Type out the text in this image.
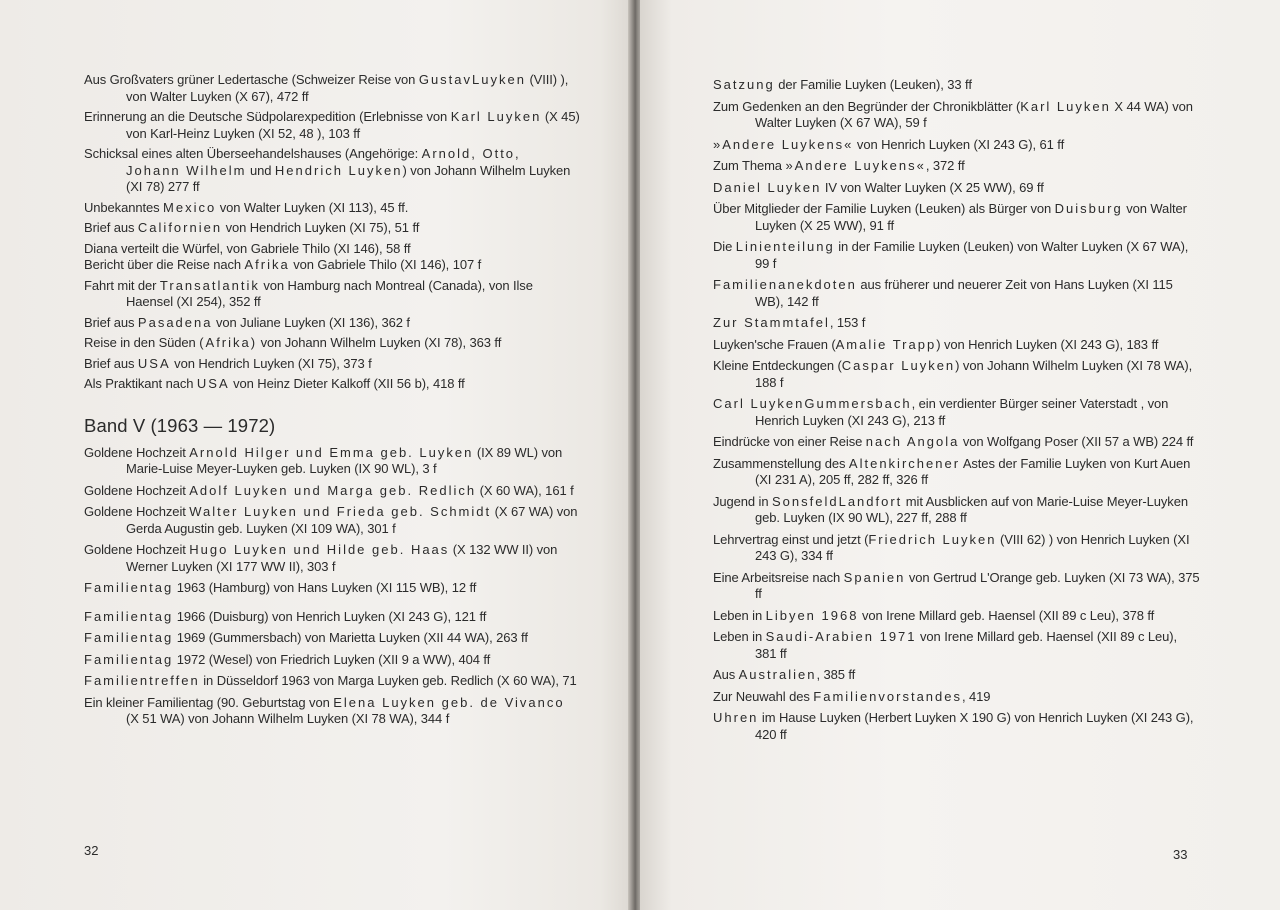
Aus Großvaters grüner Ledertasche (Schweizer Reise von GustavLuyken (VIII) ), von Walter Luyken (X 67), 472 ff
Erinnerung an die Deutsche Südpolarexpedition (Erlebnisse von Karl Luyken (X 45) von Karl-Heinz Luyken (XI 52, 48 ), 103 ff
Schicksal eines alten Überseehandelshauses (Angehörige: Arnold, Otto, Johann Wilhelm und Hendrich Luyken) von Johann Wilhelm Luyken (XI 78) 277 ff
Unbekanntes Mexico von Walter Luyken (XI 113), 45 ff.
Brief aus Californien von Hendrich Luyken (XI 75), 51 ff
Diana verteilt die Würfel, von Gabriele Thilo (XI 146), 58 ff
Bericht über die Reise nach Afrika von Gabriele Thilo (XI 146), 107 f
Fahrt mit der Transatlantik von Hamburg nach Montreal (Canada), von Ilse Haensel (XI 254), 352 ff
Brief aus Pasadena von Juliane Luyken (XI 136), 362 f
Reise in den Süden (Afrika) von Johann Wilhelm Luyken (XI 78), 363 ff
Brief aus USA von Hendrich Luyken (XI 75), 373 f
Als Praktikant nach USA von Heinz Dieter Kalkoff (XII 56 b), 418 ff
Band V (1963 — 1972)
Goldene Hochzeit Arnold Hilger und Emma geb. Luyken (IX 89 WL) von Marie-Luise Meyer-Luyken geb. Luyken (IX 90 WL), 3 f
Goldene Hochzeit Adolf Luyken und Marga geb. Redlich (X 60 WA), 161 f
Goldene Hochzeit Walter Luyken und Frieda geb. Schmidt (X 67 WA) von Gerda Augustin geb. Luyken (XI 109 WA), 301 f
Goldene Hochzeit Hugo Luyken und Hilde geb. Haas (X 132 WW II) von Werner Luyken (XI 177 WW II), 303 f
Familientag 1963 (Hamburg) von Hans Luyken (XI 115 WB), 12 ff
Familientag 1966 (Duisburg) von Henrich Luyken (XI 243 G), 121 ff
Familientag 1969 (Gummersbach) von Marietta Luyken (XII 44 WA), 263 ff
Familientag 1972 (Wesel) von Friedrich Luyken (XII 9 a WW), 404 ff
Familientreffen in Düsseldorf 1963 von Marga Luyken geb. Redlich (X 60 WA), 71
Ein kleiner Familientag (90. Geburtstag von Elena Luyken geb. de Vivanco (X 51 WA) von Johann Wilhelm Luyken (XI 78 WA), 344 f
Satzung der Familie Luyken (Leuken), 33 ff
Zum Gedenken an den Begründer der Chronikblätter (Karl Luyken X 44 WA) von Walter Luyken (X 67 WA), 59 f
»Andere Luykens« von Henrich Luyken (XI 243 G), 61 ff
Zum Thema »Andere Luykens«, 372 ff
Daniel Luyken IV von Walter Luyken (X 25 WW), 69 ff
Über Mitglieder der Familie Luyken (Leuken) als Bürger von Duisburg von Walter Luyken (X 25 WW), 91 ff
Die Linienteilung in der Familie Luyken (Leuken) von Walter Luyken (X 67 WA), 99 f
Familienanekdoten aus früherer und neuerer Zeit von Hans Luyken (XI 115 WB), 142 ff
Zur Stammtafel, 153 f
Luyken'sche Frauen (Amalie Trapp) von Henrich Luyken (XI 243 G), 183 ff
Kleine Entdeckungen (Caspar Luyken) von Johann Wilhelm Luyken (XI 78 WA), 188 f
Carl LuykenGummersbach, ein verdienter Bürger seiner Vaterstadt , von Henrich Luyken (XI 243 G), 213 ff
Eindrücke von einer Reise nach Angola von Wolfgang Poser (XII 57 a WB) 224 ff
Zusammenstellung des Altenkirchener Astes der Familie Luyken von Kurt Auen (XI 231 A), 205 ff, 282 ff, 326 ff
Jugend in SonsfeldLandfort mit Ausblicken auf von Marie-Luise Meyer-Luyken geb. Luyken (IX 90 WL), 227 ff, 288 ff
Lehrvertrag einst und jetzt (Friedrich Luyken (VIII 62) ) von Henrich Luyken (XI 243 G), 334 ff
Eine Arbeitsreise nach Spanien von Gertrud L'Orange geb. Luyken (XI 73 WA), 375 ff
Leben in Libyen 1968 von Irene Millard geb. Haensel (XII 89 c Leu), 378 ff
Leben in Saudi-Arabien 1971 von Irene Millard geb. Haensel (XII 89 c Leu), 381 ff
Aus Australien, 385 ff
Zur Neuwahl des Familienvorstandes, 419
Uhren im Hause Luyken (Herbert Luyken X 190 G) von Henrich Luyken (XI 243 G), 420 ff
32	33
